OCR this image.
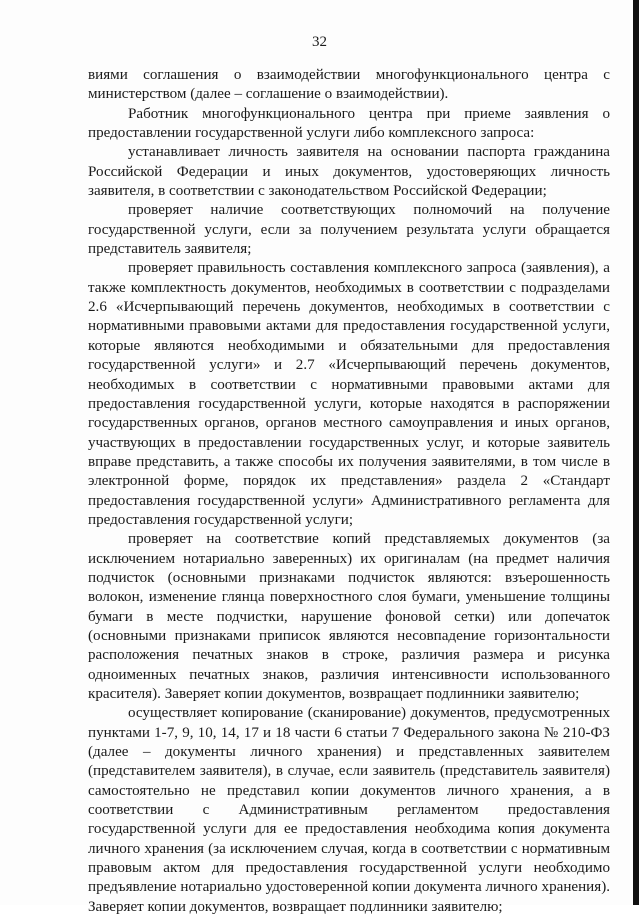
32

виями соглашения о взаимодействии многофункционального центра с министерством (далее – соглашение о взаимодействии).

Работник многофункционального центра при приеме заявления о предоставлении государственной услуги либо комплексного запроса:

устанавливает личность заявителя на основании паспорта гражданина Российской Федерации и иных документов, удостоверяющих личность заявителя, в соответствии с законодательством Российской Федерации;

проверяет наличие соответствующих полномочий на получение государственной услуги, если за получением результата услуги обращается представитель заявителя;

проверяет правильность составления комплексного запроса (заявления), а также комплектность документов, необходимых в соответствии с подразделами 2.6 «Исчерпывающий перечень документов, необходимых в соответствии с нормативными правовыми актами для предоставления государственной услуги, которые являются необходимыми и обязательными для предоставления государственной услуги» и 2.7 «Исчерпывающий перечень документов, необходимых в соответствии с нормативными правовыми актами для предоставления государственной услуги, которые находятся в распоряжении государственных органов, органов местного самоуправления и иных органов, участвующих в предоставлении государственных услуг, и которые заявитель вправе представить, а также способы их получения заявителями, в том числе в электронной форме, порядок их представления» раздела 2 «Стандарт предоставления государственной услуги» Административного регламента для предоставления государственной услуги;

проверяет на соответствие копий представляемых документов (за исключением нотариально заверенных) их оригиналам (на предмет наличия подчисток (основными признаками подчисток являются: взъерошенность волокон, изменение глянца поверхностного слоя бумаги, уменьшение толщины бумаги в месте подчистки, нарушение фоновой сетки) или допечаток (основными признаками приписок являются несовпадение горизонтальности расположения печатных знаков в строке, различия размера и рисунка одноименных печатных знаков, различия интенсивности использованного красителя). Заверяет копии документов, возвращает подлинники заявителю;

осуществляет копирование (сканирование) документов, предусмотренных пунктами 1-7, 9, 10, 14, 17 и 18 части 6 статьи 7 Федерального закона № 210-ФЗ (далее – документы личного хранения) и представленных заявителем (представителем заявителя), в случае, если заявитель (представитель заявителя) самостоятельно не представил копии документов личного хранения, а в соответствии с Административным регламентом предоставления государственной услуги для ее предоставления необходима копия документа личного хранения (за исключением случая, когда в соответствии с нормативным правовым актом для предоставления государственной услуги необходимо предъявление нотариально удостоверенной копии документа личного хранения). Заверяет копии документов, возвращает подлинники заявителю;
